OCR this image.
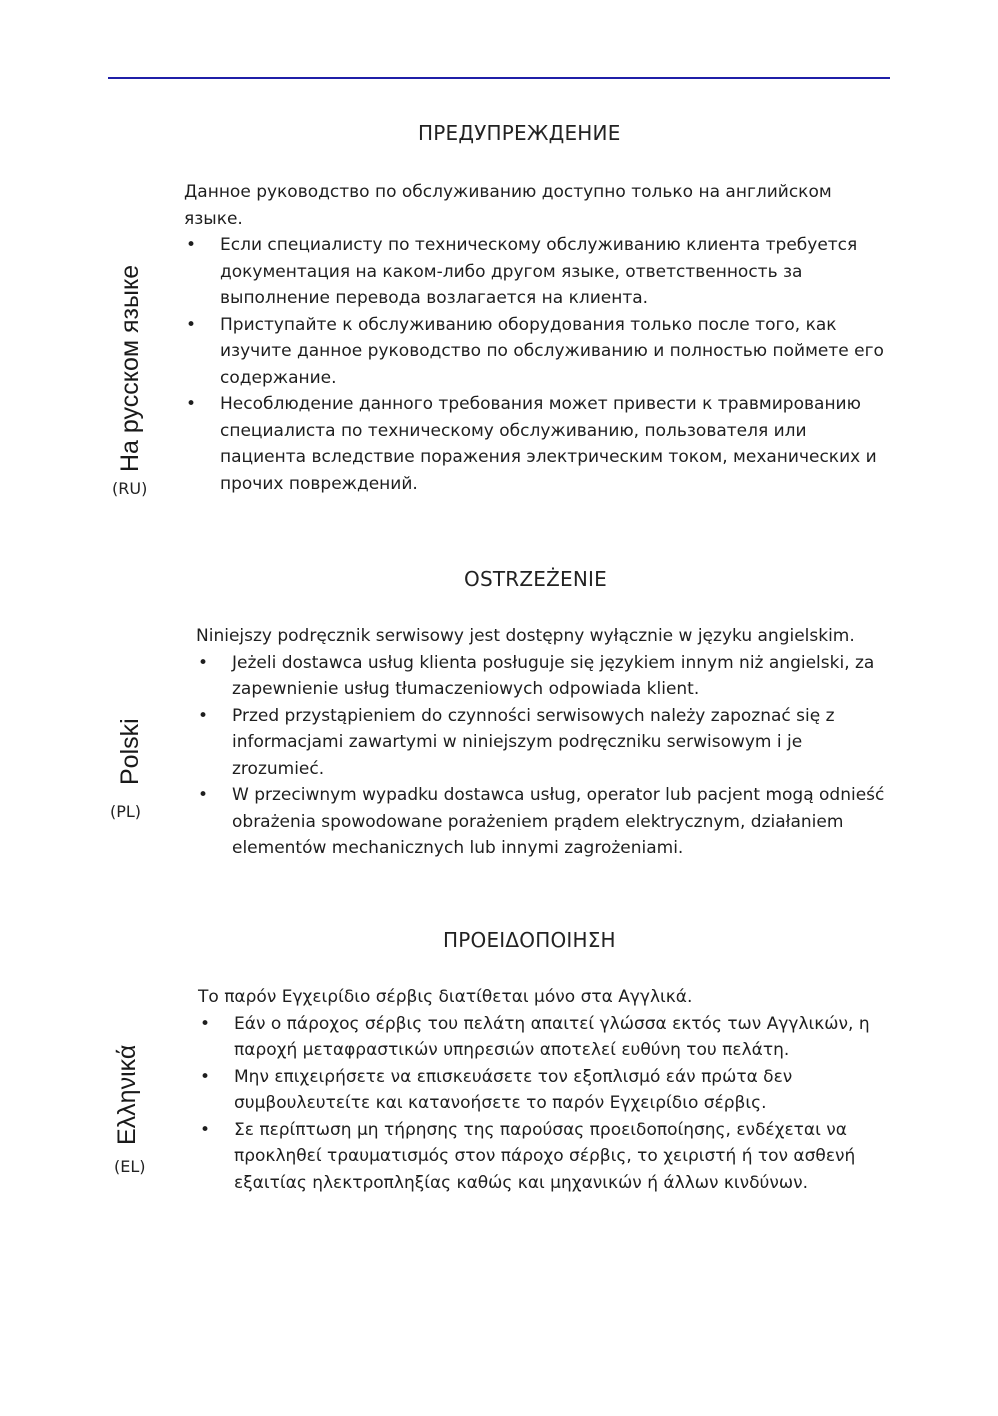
ПРЕДУПРЕЖДЕНИЕ
На русском языке
(RU)

Данное руководство по обслуживанию доступно только на английском языке.

• Если специалисту по техническому обслуживанию клиента требуется документация на каком-либо другом языке, ответственность за выполнение перевода возлагается на клиента.
• Приступайте к обслуживанию оборудования только после того, как изучите данное руководство по обслуживанию и полностью поймете его содержание.
• Несоблюдение данного требования может привести к травмированию специалиста по техническому обслуживанию, пользователя или пациента вследствие поражения электрическим током, механических и прочих повреждений.
OSTRZEŻENIE
Polski
(PL)

Niniejszy podręcznik serwisowy jest dostępny wyłącznie w języku angielskim.

• Jeżeli dostawca usług klienta posługuje się językiem innym niż angielski, za zapewnienie usług tłumaczeniowych odpowiada klient.
• Przed przystąpieniem do czynności serwisowych należy zapoznać się z informacjami zawartymi w niniejszym podręczniku serwisowym i je zrozumieć.
• W przeciwnym wypadku dostawca usług, operator lub pacjent mogą odnieść obrażenia spowodowane porażeniem prądem elektrycznym, działaniem elementów mechanicznych lub innymi zagrożeniami.
ΠΡΟΕΙΔΟΠΟΙΗΣΗ
Ελληνικά
(EL)

Το παρόν Εγχειρίδιο σέρβις διατίθεται μόνο στα Αγγλικά.

• Εάν ο πάροχος σέρβις του πελάτη απαιτεί γλώσσα εκτός των Αγγλικών, η παροχή μεταφραστικών υπηρεσιών αποτελεί ευθύνη του πελάτη.
• Μην επιχειρήσετε να επισκευάσετε τον εξοπλισμό εάν πρώτα δεν συμβουλευτείτε και κατανοήσετε το παρόν Εγχειρίδιο σέρβις.
• Σε περίπτωση μη τήρησης της παρούσας προειδοποίησης, ενδέχεται να προκληθεί τραυματισμός στον πάροχο σέρβις, το χειριστή ή τον ασθενή εξαιτίας ηλεκτροπληξίας καθώς και μηχανικών ή άλλων κινδύνων.
